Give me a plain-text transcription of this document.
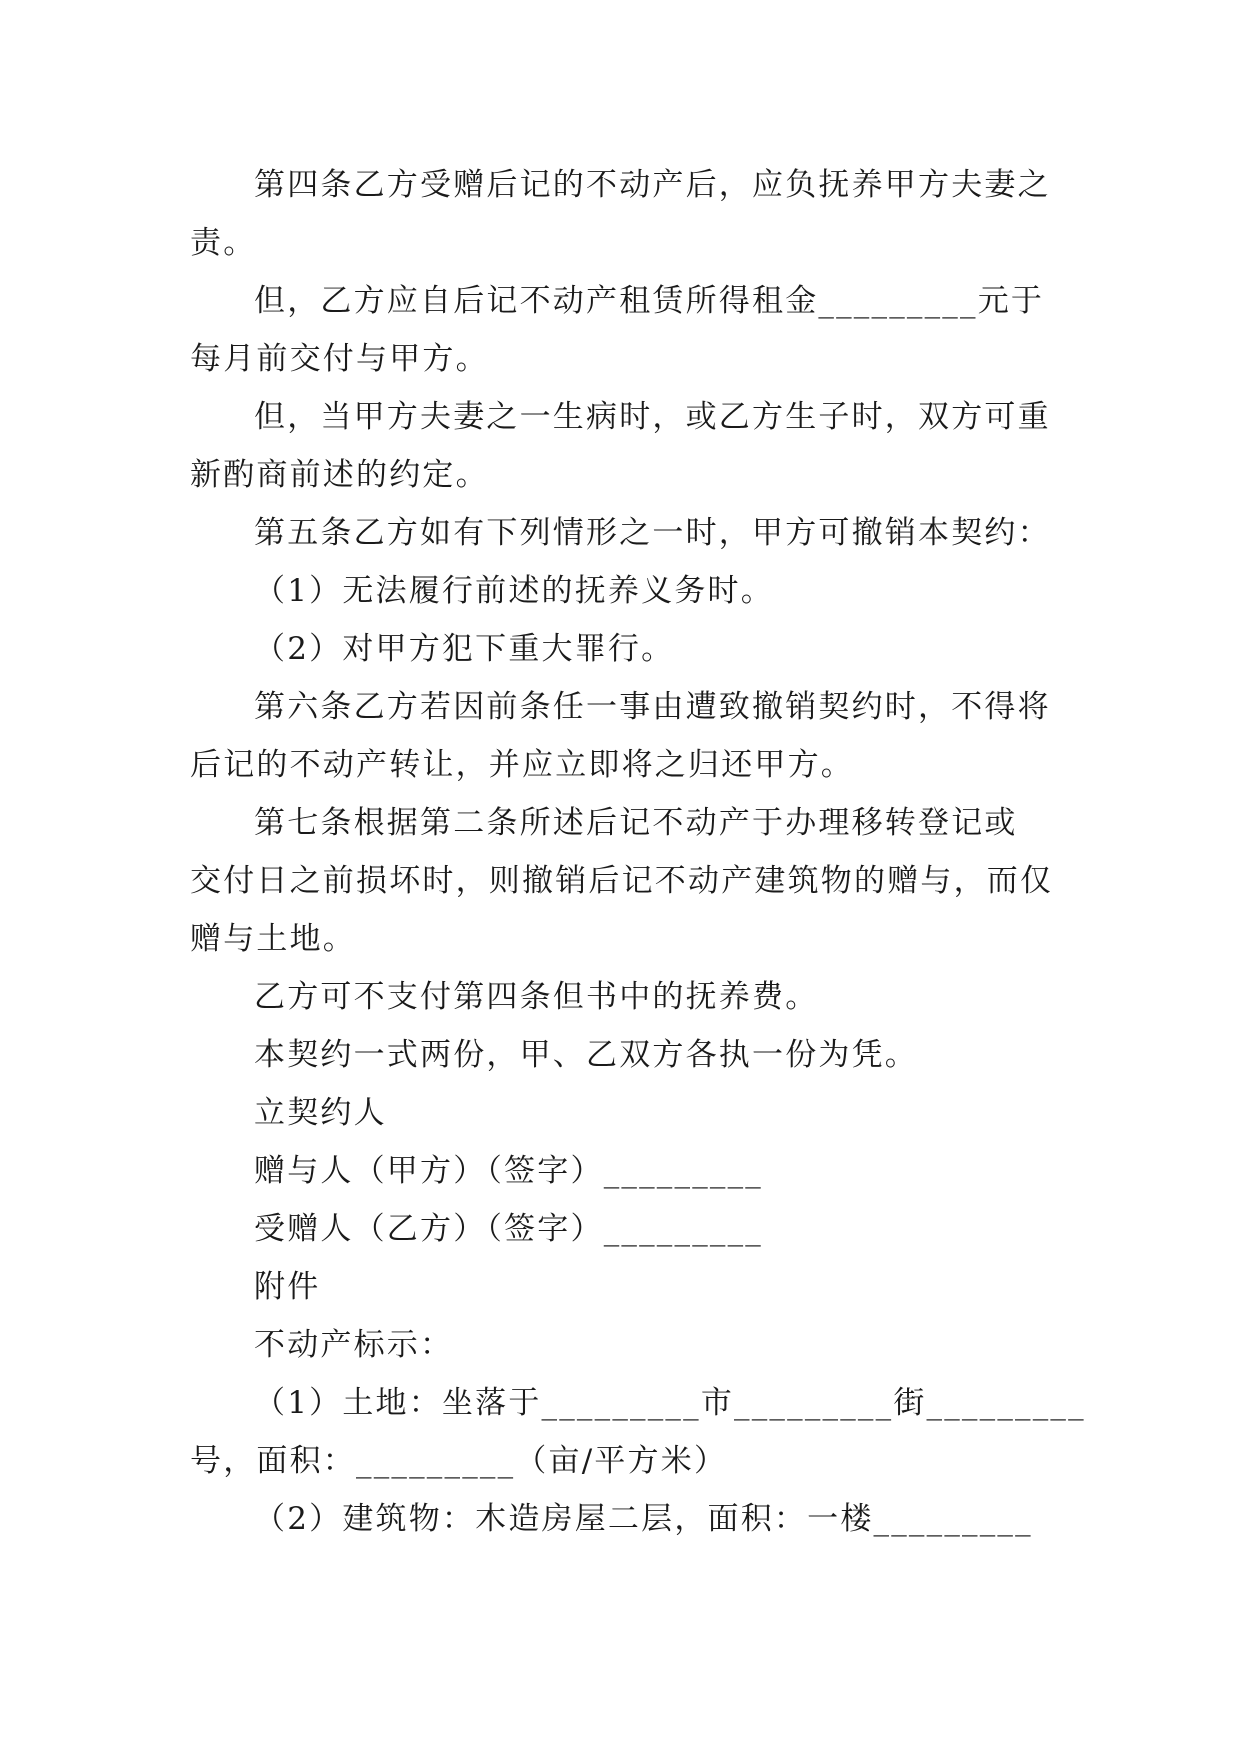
第四条乙方受赠后记的不动产后，应负抚养甲方夫妻之
责。
但，乙方应自后记不动产租赁所得租金_________元于
每月前交付与甲方。
但，当甲方夫妻之一生病时，或乙方生子时，双方可重
新酌商前述的约定。
第五条乙方如有下列情形之一时，甲方可撤销本契约：
（1）无法履行前述的抚养义务时。
（2）对甲方犯下重大罪行。
第六条乙方若因前条任一事由遭致撤销契约时，不得将
后记的不动产转让，并应立即将之归还甲方。
第七条根据第二条所述后记不动产于办理移转登记或
交付日之前损坏时，则撤销后记不动产建筑物的赠与，而仅
赠与土地。
乙方可不支付第四条但书中的抚养费。
本契约一式两份，甲、乙双方各执一份为凭。
立契约人
赠与人（甲方）（签字）_________
受赠人（乙方）（签字）_________
附件
不动产标示：
（1）土地：坐落于_________市_________街_________
号，面积：_________（亩/平方米）
（2）建筑物：木造房屋二层，面积：一楼_________
